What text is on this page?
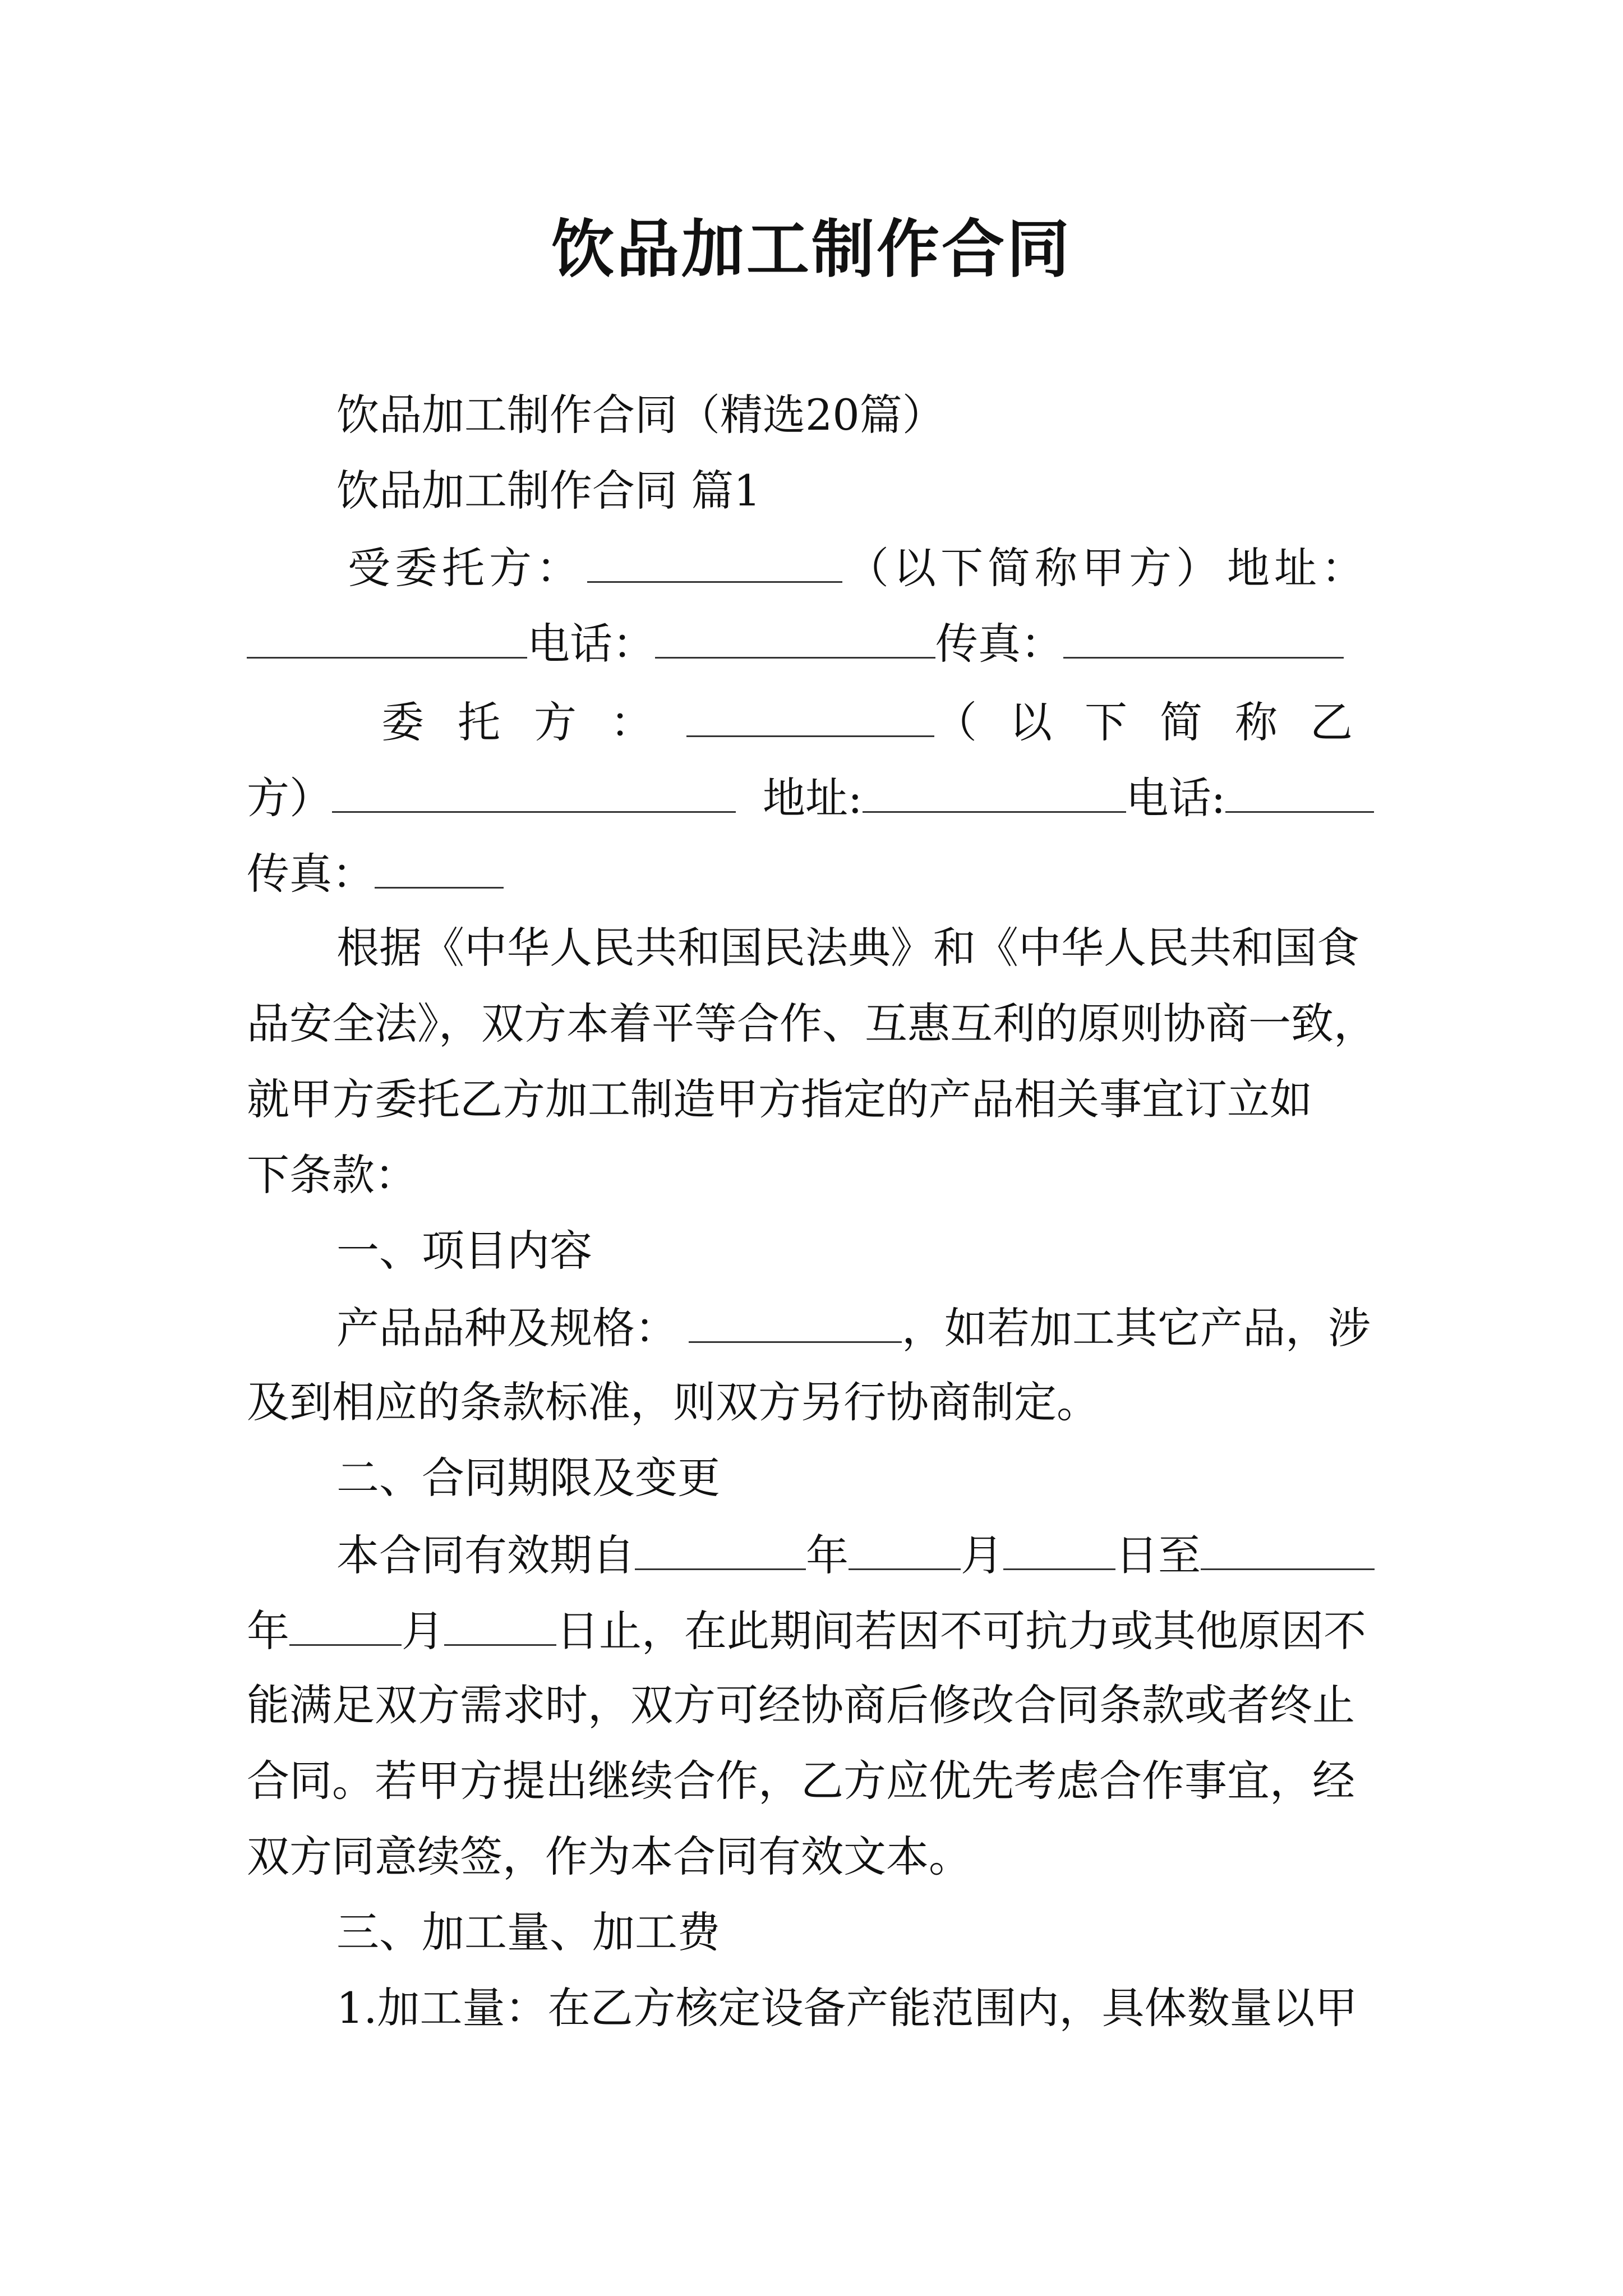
饮品加工制作合同
饮品加工制作合同（精选20篇）
饮品加工制作合同 篇1
受委托方：	（以下简称甲方） 地址：
电话：	传真：
委托方：	（以下简称乙
方）	地址:	电话:
传真：
根据《中华人民共和国民法典》和《中华人民共和国食
品安全法》，双方本着平等合作、互惠互利的原则协商一致，
就甲方委托乙方加工制造甲方指定的产品相关事宜订立如
下条款：
一、项目内容
产品品种及规格：	，如若加工其它产品，涉
及到相应的条款标准，则双方另行协商制定。
二、合同期限及变更
本合同有效期自	年	月	日至
年	月	日止，在此期间若因不可抗力或其他原因不
能满足双方需求时，双方可经协商后修改合同条款或者终止
合同。若甲方提出继续合作，乙方应优先考虑合作事宜，经
双方同意续签，作为本合同有效文本。
三、加工量、加工费
1.加工量：在乙方核定设备产能范围内，具体数量以甲
